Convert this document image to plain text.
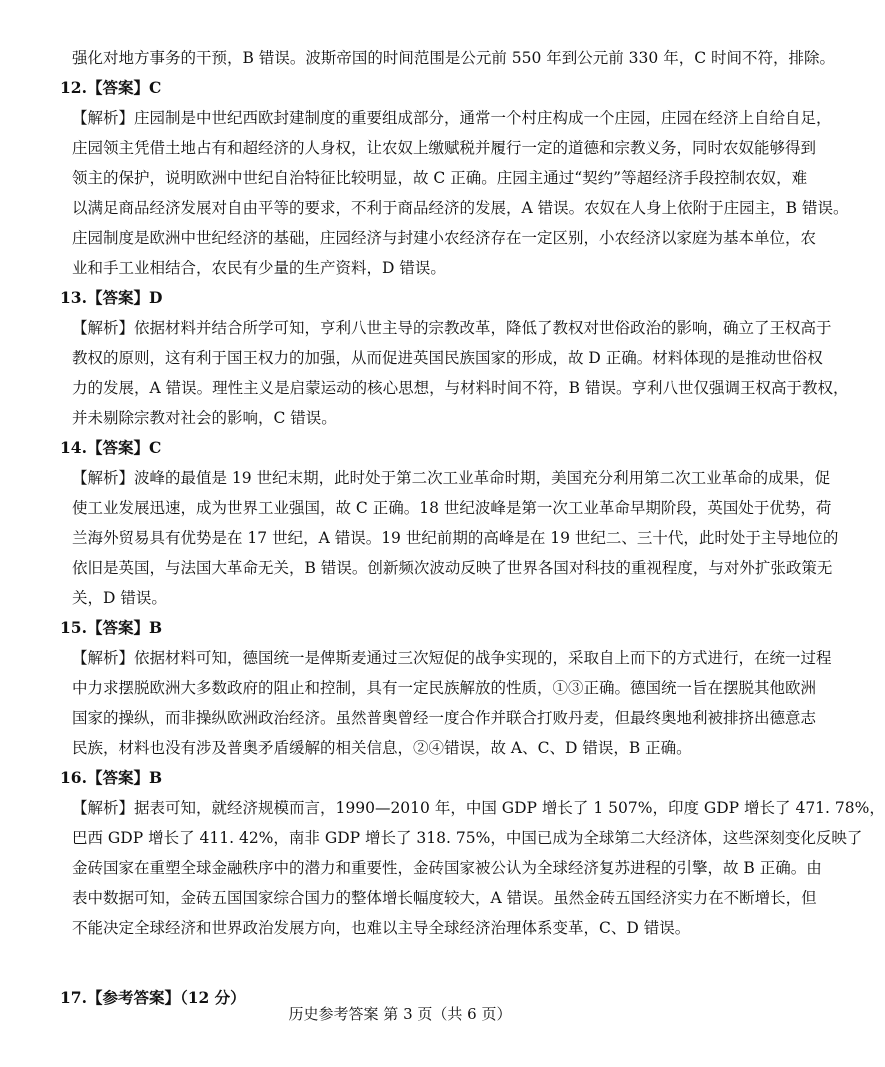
强化对地方事务的干预，B 错误。波斯帝国的时间范围是公元前 550 年到公元前 330 年，C 时间不符，排除。
12.【答案】C
【解析】庄园制是中世纪西欧封建制度的重要组成部分，通常一个村庄构成一个庄园，庄园在经济上自给自足，
庄园领主凭借土地占有和超经济的人身权，让农奴上缴赋税并履行一定的道德和宗教义务，同时农奴能够得到
领主的保护，说明欧洲中世纪自治特征比较明显，故 C 正确。庄园主通过“契约”等超经济手段控制农奴，难
以满足商品经济发展对自由平等的要求，不利于商品经济的发展，A 错误。农奴在人身上依附于庄园主，B 错误。
庄园制度是欧洲中世纪经济的基础，庄园经济与封建小农经济存在一定区别，小农经济以家庭为基本单位，农
业和手工业相结合，农民有少量的生产资料，D 错误。
13.【答案】D
【解析】依据材料并结合所学可知，亨利八世主导的宗教改革，降低了教权对世俗政治的影响，确立了王权高于
教权的原则，这有利于国王权力的加强，从而促进英国民族国家的形成，故 D 正确。材料体现的是推动世俗权
力的发展，A 错误。理性主义是启蒙运动的核心思想，与材料时间不符，B 错误。亨利八世仅强调王权高于教权，
并未剔除宗教对社会的影响，C 错误。
14.【答案】C
【解析】波峰的最值是 19 世纪末期，此时处于第二次工业革命时期，美国充分利用第二次工业革命的成果，促
使工业发展迅速，成为世界工业强国，故 C 正确。18 世纪波峰是第一次工业革命早期阶段，英国处于优势，荷
兰海外贸易具有优势是在 17 世纪，A 错误。19 世纪前期的高峰是在 19 世纪二、三十代，此时处于主导地位的
依旧是英国，与法国大革命无关，B 错误。创新频次波动反映了世界各国对科技的重视程度，与对外扩张政策无
关，D 错误。
15.【答案】B
【解析】依据材料可知，德国统一是俾斯麦通过三次短促的战争实现的，采取自上而下的方式进行，在统一过程
中力求摆脱欧洲大多数政府的阻止和控制，具有一定民族解放的性质，①③正确。德国统一旨在摆脱其他欧洲
国家的操纵，而非操纵欧洲政治经济。虽然普奥曾经一度合作并联合打败丹麦，但最终奥地利被排挤出德意志
民族，材料也没有涉及普奥矛盾缓解的相关信息，②④错误，故 A、C、D 错误，B 正确。
16.【答案】B
【解析】据表可知，就经济规模而言，1990—2010 年，中国 GDP 增长了 1 507%，印度 GDP 增长了 471. 78%，
巴西 GDP 增长了 411. 42%，南非 GDP 增长了 318. 75%，中国已成为全球第二大经济体，这些深刻变化反映了
金砖国家在重塑全球金融秩序中的潜力和重要性，金砖国家被公认为全球经济复苏进程的引擎，故 B 正确。由
表中数据可知，金砖五国国家综合国力的整体增长幅度较大，A 错误。虽然金砖五国经济实力在不断增长，但
不能决定全球经济和世界政治发展方向，也难以主导全球经济治理体系变革，C、D 错误。
17.【参考答案】（12 分）
历史参考答案 第 3 页（共 6 页）
